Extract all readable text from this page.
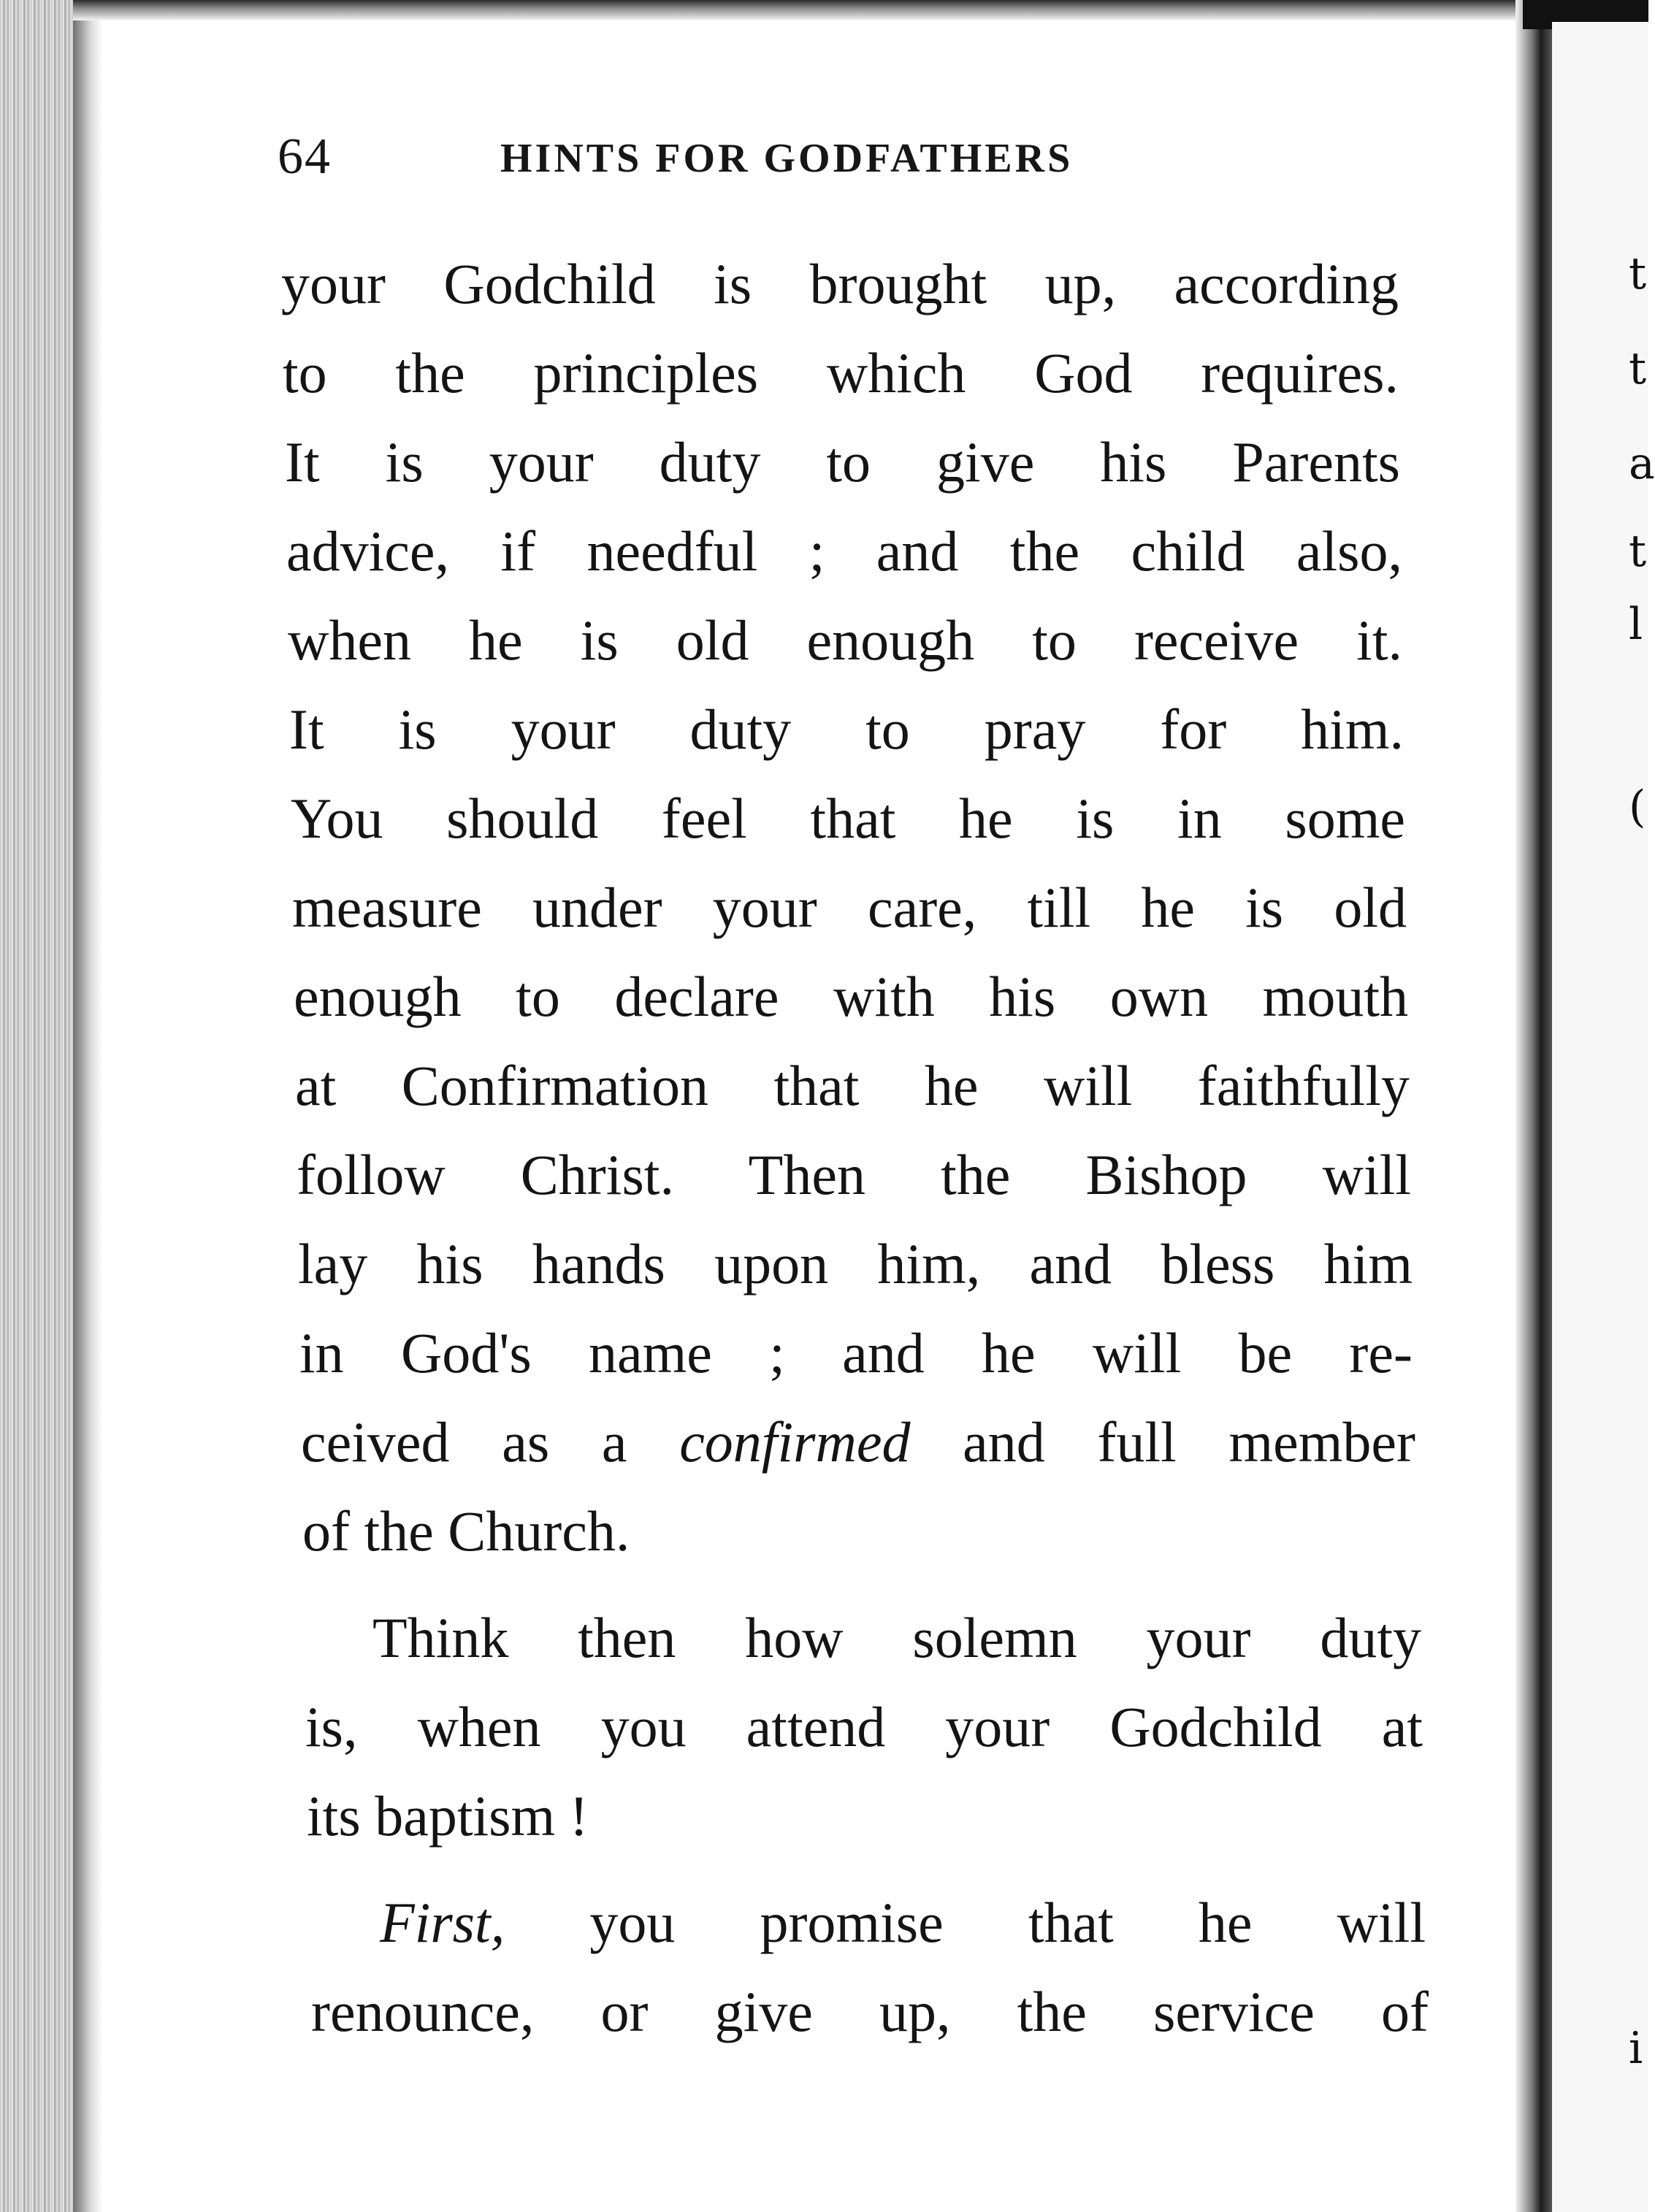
t
t
a
t
l
(
i
64	HINTS FOR GODFATHERS
your Godchild is brought up, according
to the principles which God requires.
It is your duty to give his Parents
advice, if needful ; and the child also,
when he is old enough to receive it.
It is your duty to pray for him.
You should feel that he is in some
measure under your care, till he is old
enough to declare with his own mouth
at Confirmation that he will faithfully
follow Christ. Then the Bishop will
lay his hands upon him, and bless him
in God's name ; and he will be re-
ceived as a confirmed and full member
of the Church.
Think then how solemn your duty
is, when you attend your Godchild at
its baptism !
First, you promise that he will
renounce, or give up, the service of
